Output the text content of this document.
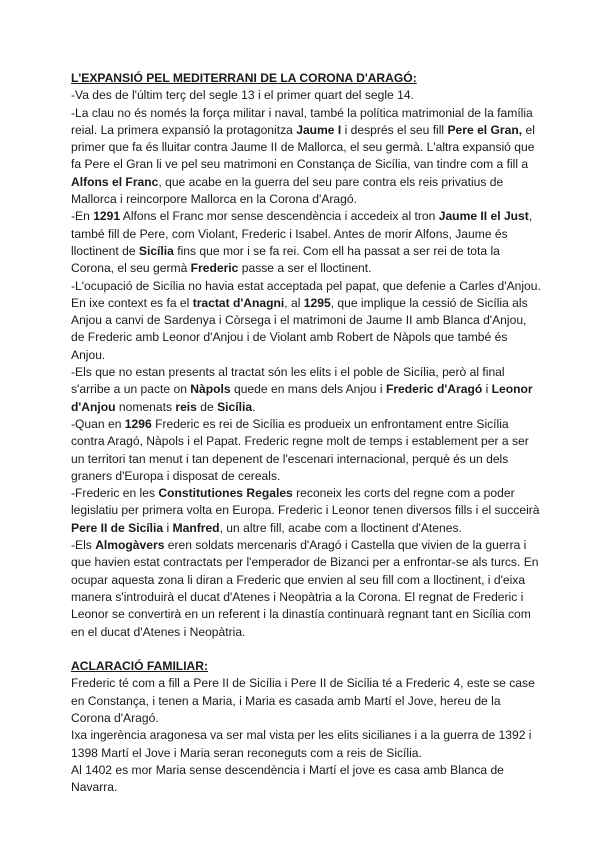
L'EXPANSIÓ PEL MEDITERRANI DE LA CORONA D'ARAGÓ:

-Va des de l'últim terç del segle 13 i el primer quart del segle 14.

-La clau no és només la força militar i naval, també la política matrimonial de la família reial. La primera expansió la protagonitza Jaume I i després el seu fill Pere el Gran, el primer que fa és lluitar contra Jaume II de Mallorca, el seu germà. L'altra expansió que fa Pere el Gran li ve pel seu matrimoni en Constança de Sicília, van tindre com a fill a Alfons el Franc, que acabe en la guerra del seu pare contra els reis privatius de Mallorca i reincorpore Mallorca en la Corona d'Aragó.

-En 1291 Alfons el Franc mor sense descendència i accedeix al tron Jaume II el Just, també fill de Pere, com Violant, Frederic i Isabel. Antes de morir Alfons, Jaume és lloctinent de Sicília fins que mor i se fa rei. Com ell ha passat a ser rei de tota la Corona, el seu germà Frederic passe a ser el lloctinent.

-L'ocupació de Sicília no havia estat acceptada pel papat, que defenie a Carles d'Anjou. En ixe context es fa el tractat d'Anagni, al 1295, que implique la cessió de Sicília als Anjou a canvi de Sardenya i Còrsega i el matrimoni de Jaume II amb Blanca d'Anjou, de Frederic amb Leonor d'Anjou i de Violant amb Robert de Nàpols que també és Anjou.

-Els que no estan presents al tractat són les elits i el poble de Sicília, però al final s'arribe a un pacte on Nàpols quede en mans dels Anjou i Frederic d'Aragó i Leonor d'Anjou nomenats reis de Sicília.

-Quan en 1296 Frederic es rei de Sicília es produeix un enfrontament entre Sicília contra Aragó, Nàpols i el Papat. Frederic regne molt de temps i establement per a ser un territori tan menut i tan depenent de l'escenari internacional, perquè és un dels graners d'Europa i disposat de cereals.

-Frederic en les Constitutiones Regales reconeix les corts del regne com a poder legislatiu per primera volta en Europa. Frederic i Leonor tenen diversos fills i el succeirà Pere II de Sicília i Manfred, un altre fill, acabe com a lloctinent d'Atenes.

-Els Almogàvers eren soldats mercenaris d'Aragó i Castella que vivien de la guerra i que havien estat contractats per l'emperador de Bizanci per a enfrontar-se als turcs. En ocupar aquesta zona li diran a Frederic que envien al seu fill com a lloctinent, i d'eixa manera s'introduirà el ducat d'Atenes i Neopàtria a la Corona. El regnat de Frederic i Leonor se convertirà en un referent i la dinastía continuarà regnant tant en Sicília com en el ducat d'Atenes i Neopàtria.

ACLARACIÓ FAMILIAR:

Frederic té com a fill a Pere II de Sicília i Pere II de Sicília té a Frederic 4, este se case en Constança, i tenen a Maria, i Maria es casada amb Martí el Jove, hereu de la Corona d'Aragó.

Ixa ingerència aragonesa va ser mal vista per les elits sicilianes i a la guerra de 1392 i 1398 Martí el Jove i Maria seran reconeguts com a reis de Sicília.

Al 1402 es mor Maria sense descendència i Martí el jove es casa amb Blanca de Navarra.
